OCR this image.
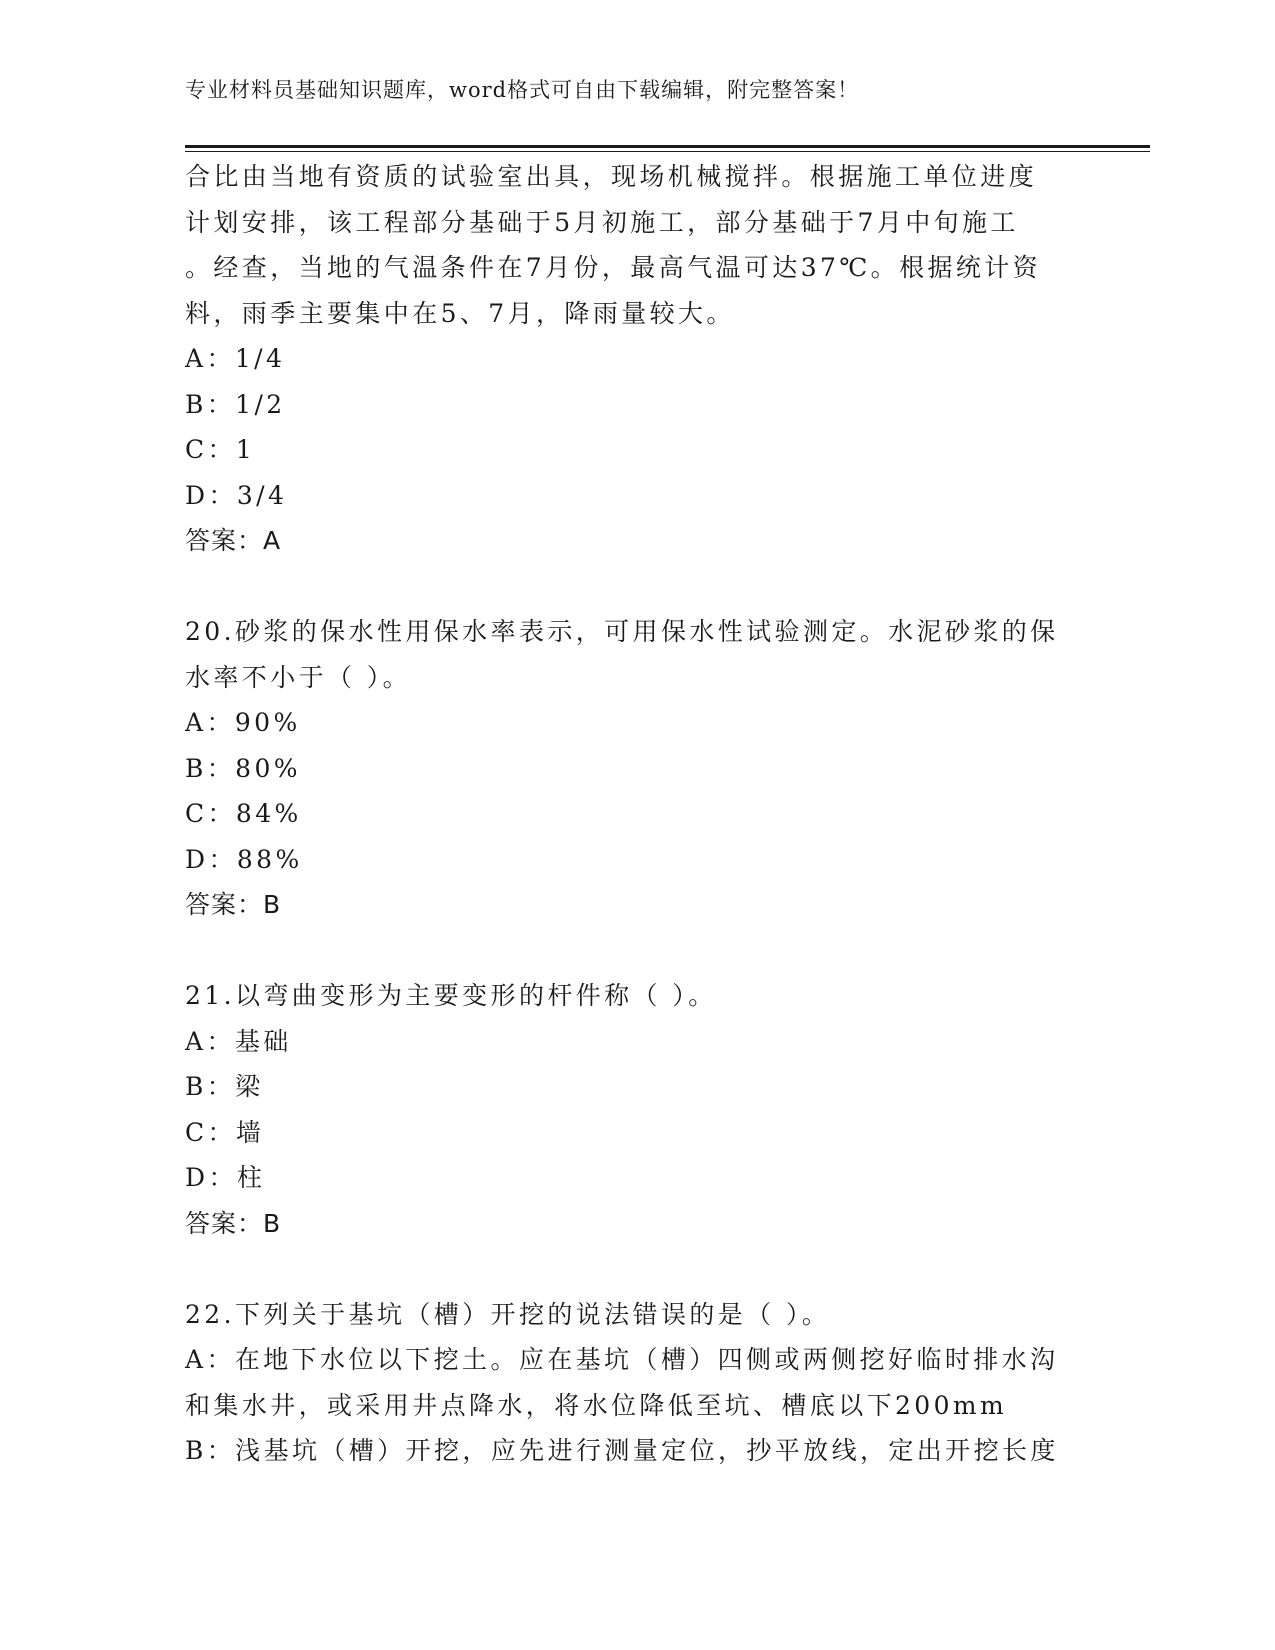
专业材料员基础知识题库，word格式可自由下载编辑，附完整答案！
合比由当地有资质的试验室出具，现场机械搅拌。根据施工单位进度
计划安排，该工程部分基础于5月初施工，部分基础于7月中旬施工
。经查，当地的气温条件在7月份，最高气温可达37℃。根据统计资
料，雨季主要集中在5、7月，降雨量较大。
A：1/4
B：1/2
C：1
D：3/4
答案：A
20.砂浆的保水性用保水率表示，可用保水性试验测定。水泥砂浆的保
水率不小于（ ）。
A：90%
B：80%
C：84%
D：88%
答案：B
21.以弯曲变形为主要变形的杆件称（ ）。
A：基础
B：梁
C：墙
D：柱
答案：B
22.下列关于基坑（槽）开挖的说法错误的是（ ）。
A：在地下水位以下挖土。应在基坑（槽）四侧或两侧挖好临时排水沟
和集水井，或采用井点降水，将水位降低至坑、槽底以下200mm
B：浅基坑（槽）开挖，应先进行测量定位，抄平放线，定出开挖长度
